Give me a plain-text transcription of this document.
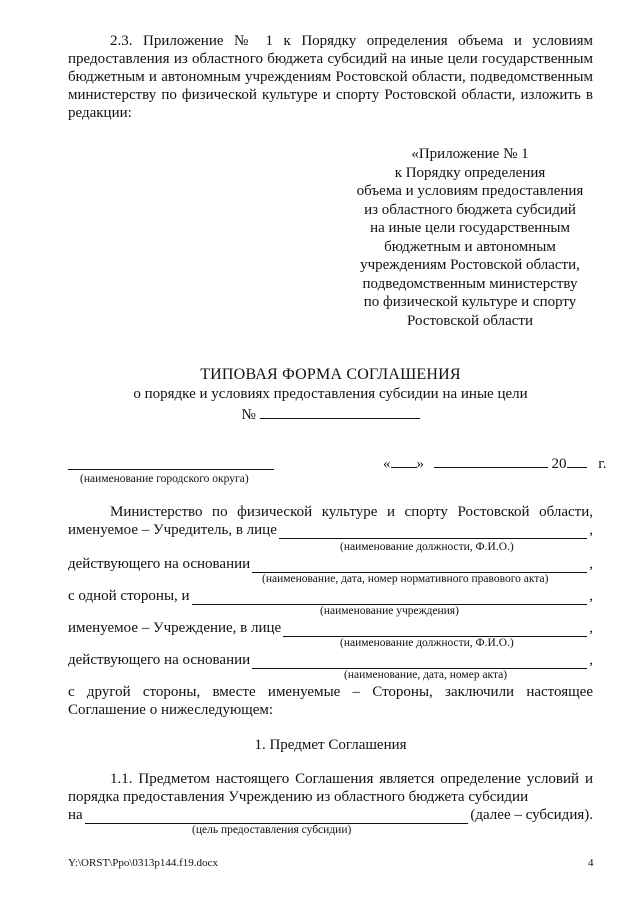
2.3. Приложение № 1 к Порядку определения объема и условиям предоставления из областного бюджета субсидий на иные цели государственным бюджетным и автономным учреждениям Ростовской области, подведомственным министерству по физической культуре и спорту Ростовской области, изложить в редакции:

«Приложение № 1
к Порядку определения
объема и условиям предоставления
из областного бюджета субсидий
на иные цели государственным
бюджетным и автономным
учреждениям Ростовской области,
подведомственным министерству
по физической культуре и спорту
Ростовской области
ТИПОВАЯ ФОРМА СОГЛАШЕНИЯ
о порядке и условиях предоставления субсидии на иные цели
№
(наименование городского округа)
« »	20 г.
Министерство по физической культуре и спорту Ростовской области,
именуемое – Учредитель, в лице	,
(наименование должности, Ф.И.О.)
действующего на основании	,
(наименование, дата, номер нормативного правового акта)
с одной стороны, и	,
(наименование учреждения)
именуемое – Учреждение, в лице	,
(наименование должности, Ф.И.О.)
действующего на основании	,
(наименование, дата, номер акта)

с другой стороны, вместе именуемые – Стороны, заключили настоящее Соглашение о нижеследующем:

1. Предмет Соглашения

1.1. Предметом настоящего Соглашения является определение условий и порядка предоставления Учреждению из областного бюджета субсидии

на	(далее – субсидия).
(цель предоставления субсидии)
Y:\ORST\Ppo\0313p144.f19.docx	4
